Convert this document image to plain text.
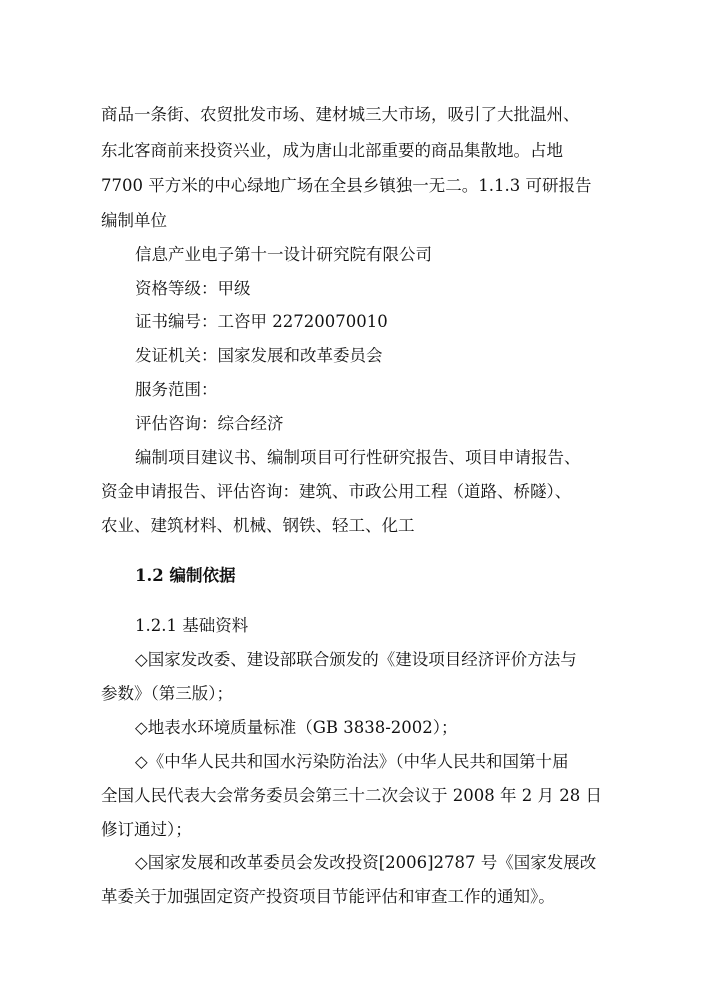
商品一条街、农贸批发市场、建材城三大市场，吸引了大批温州、
东北客商前来投资兴业，成为唐山北部重要的商品集散地。占地
7700 平方米的中心绿地广场在全县乡镇独一无二。1.1.3 可研报告
编制单位
信息产业电子第十一设计研究院有限公司
资格等级：甲级
证书编号：工咨甲 22720070010
发证机关：国家发展和改革委员会
服务范围：
评估咨询：综合经济
编制项目建议书、编制项目可行性研究报告、项目申请报告、
资金申请报告、评估咨询：建筑、市政公用工程（道路、桥隧）、
农业、建筑材料、机械、钢铁、轻工、化工
1.2 编制依据
1.2.1 基础资料
◇国家发改委、建设部联合颁发的《建设项目经济评价方法与
参数》（第三版）；
◇地表水环境质量标准（GB 3838-2002）；
◇《中华人民共和国水污染防治法》（中华人民共和国第十届
全国人民代表大会常务委员会第三十二次会议于 2008 年 2 月 28 日
修订通过）；
◇国家发展和改革委员会发改投资[2006]2787 号《国家发展改
革委关于加强固定资产投资项目节能评估和审查工作的通知》。
